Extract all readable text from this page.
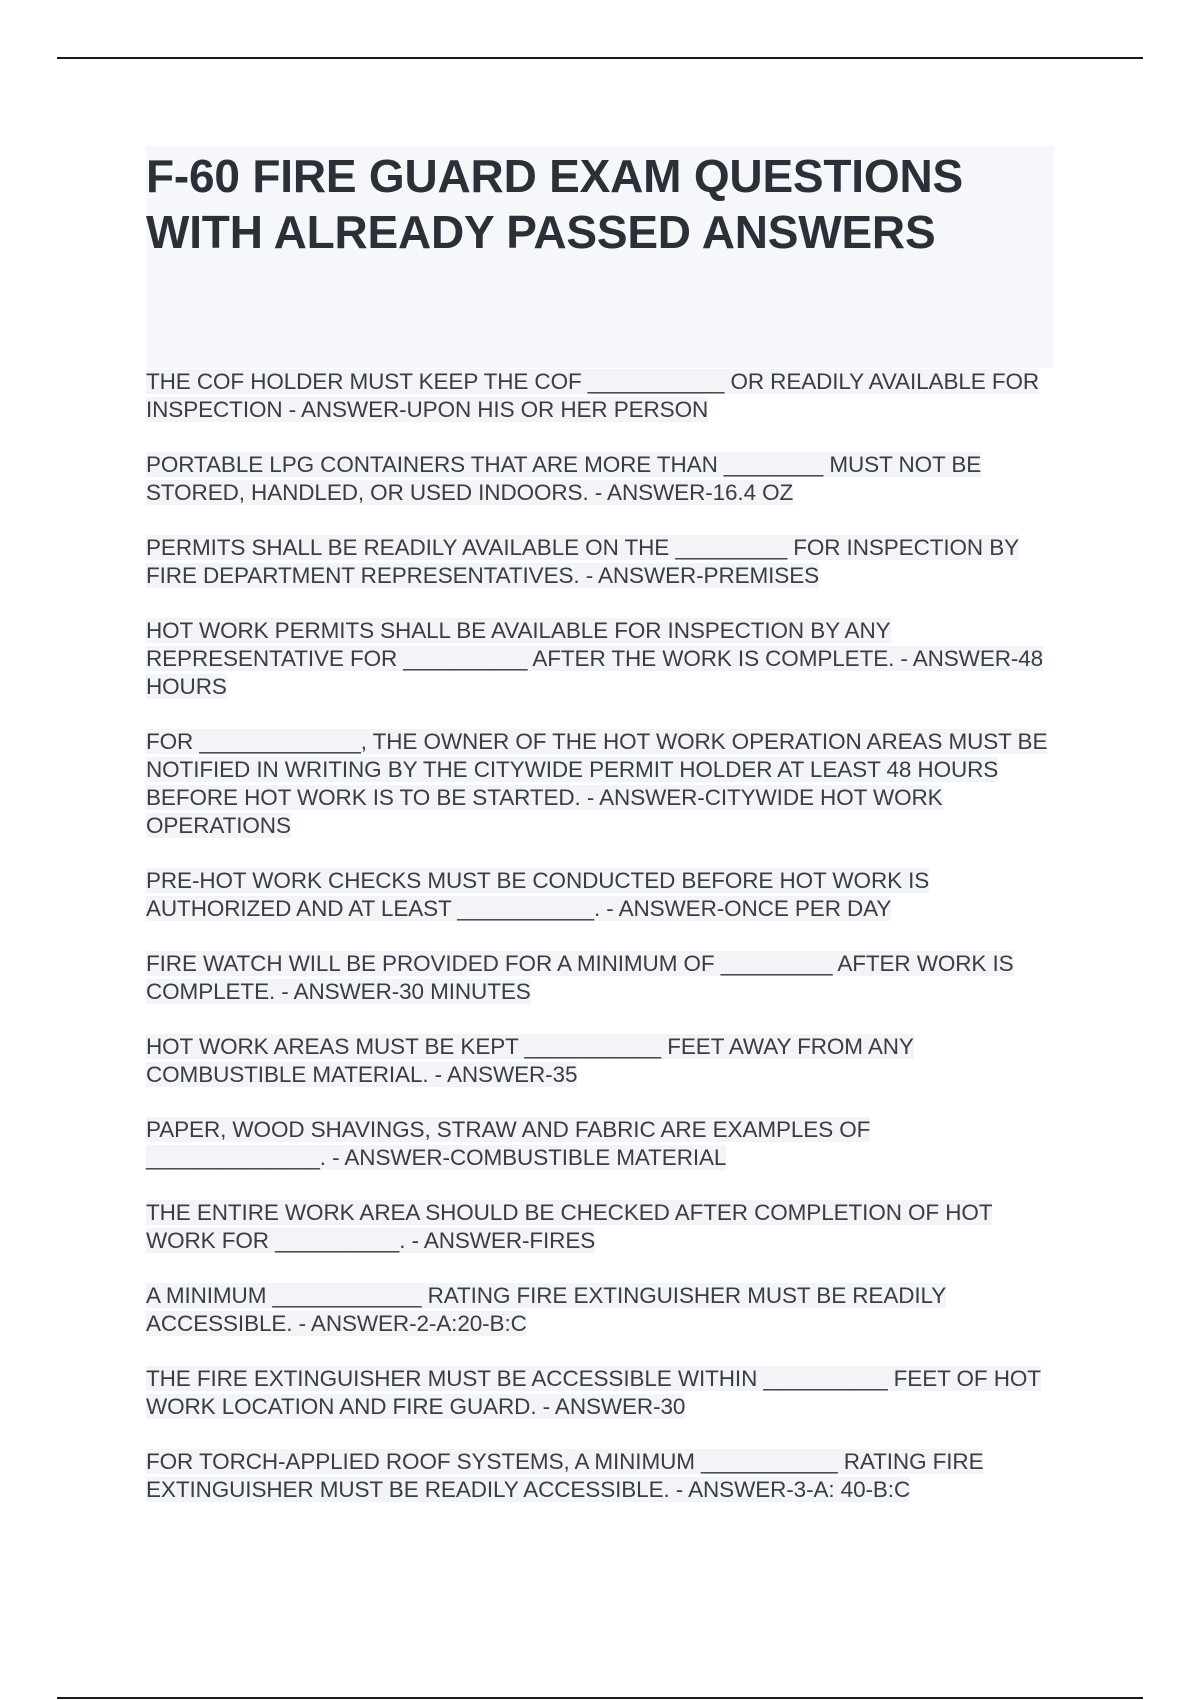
F-60 FIRE GUARD EXAM QUESTIONS WITH ALREADY PASSED ANSWERS
THE COF HOLDER MUST KEEP THE COF ___________ OR READILY AVAILABLE FOR INSPECTION - ANSWER-UPON HIS OR HER PERSON
PORTABLE LPG CONTAINERS THAT ARE MORE THAN ________ MUST NOT BE STORED, HANDLED, OR USED INDOORS. - ANSWER-16.4 OZ
PERMITS SHALL BE READILY AVAILABLE ON THE _________ FOR INSPECTION BY FIRE DEPARTMENT REPRESENTATIVES. - ANSWER-PREMISES
HOT WORK PERMITS SHALL BE AVAILABLE FOR INSPECTION BY ANY REPRESENTATIVE FOR __________ AFTER THE WORK IS COMPLETE. - ANSWER-48 HOURS
FOR _____________, THE OWNER OF THE HOT WORK OPERATION AREAS MUST BE NOTIFIED IN WRITING BY THE CITYWIDE PERMIT HOLDER AT LEAST 48 HOURS BEFORE HOT WORK IS TO BE STARTED. - ANSWER-CITYWIDE HOT WORK OPERATIONS
PRE-HOT WORK CHECKS MUST BE CONDUCTED BEFORE HOT WORK IS AUTHORIZED AND AT LEAST ___________. - ANSWER-ONCE PER DAY
FIRE WATCH WILL BE PROVIDED FOR A MINIMUM OF _________ AFTER WORK IS COMPLETE. - ANSWER-30 MINUTES
HOT WORK AREAS MUST BE KEPT ___________ FEET AWAY FROM ANY COMBUSTIBLE MATERIAL. - ANSWER-35
PAPER, WOOD SHAVINGS, STRAW AND FABRIC ARE EXAMPLES OF ______________. - ANSWER-COMBUSTIBLE MATERIAL
THE ENTIRE WORK AREA SHOULD BE CHECKED AFTER COMPLETION OF HOT WORK FOR __________. - ANSWER-FIRES
A MINIMUM ____________ RATING FIRE EXTINGUISHER MUST BE READILY ACCESSIBLE. - ANSWER-2-A:20-B:C
THE FIRE EXTINGUISHER MUST BE ACCESSIBLE WITHIN __________ FEET OF HOT WORK LOCATION AND FIRE GUARD. - ANSWER-30
FOR TORCH-APPLIED ROOF SYSTEMS, A MINIMUM ___________ RATING FIRE EXTINGUISHER MUST BE READILY ACCESSIBLE. - ANSWER-3-A: 40-B:C
